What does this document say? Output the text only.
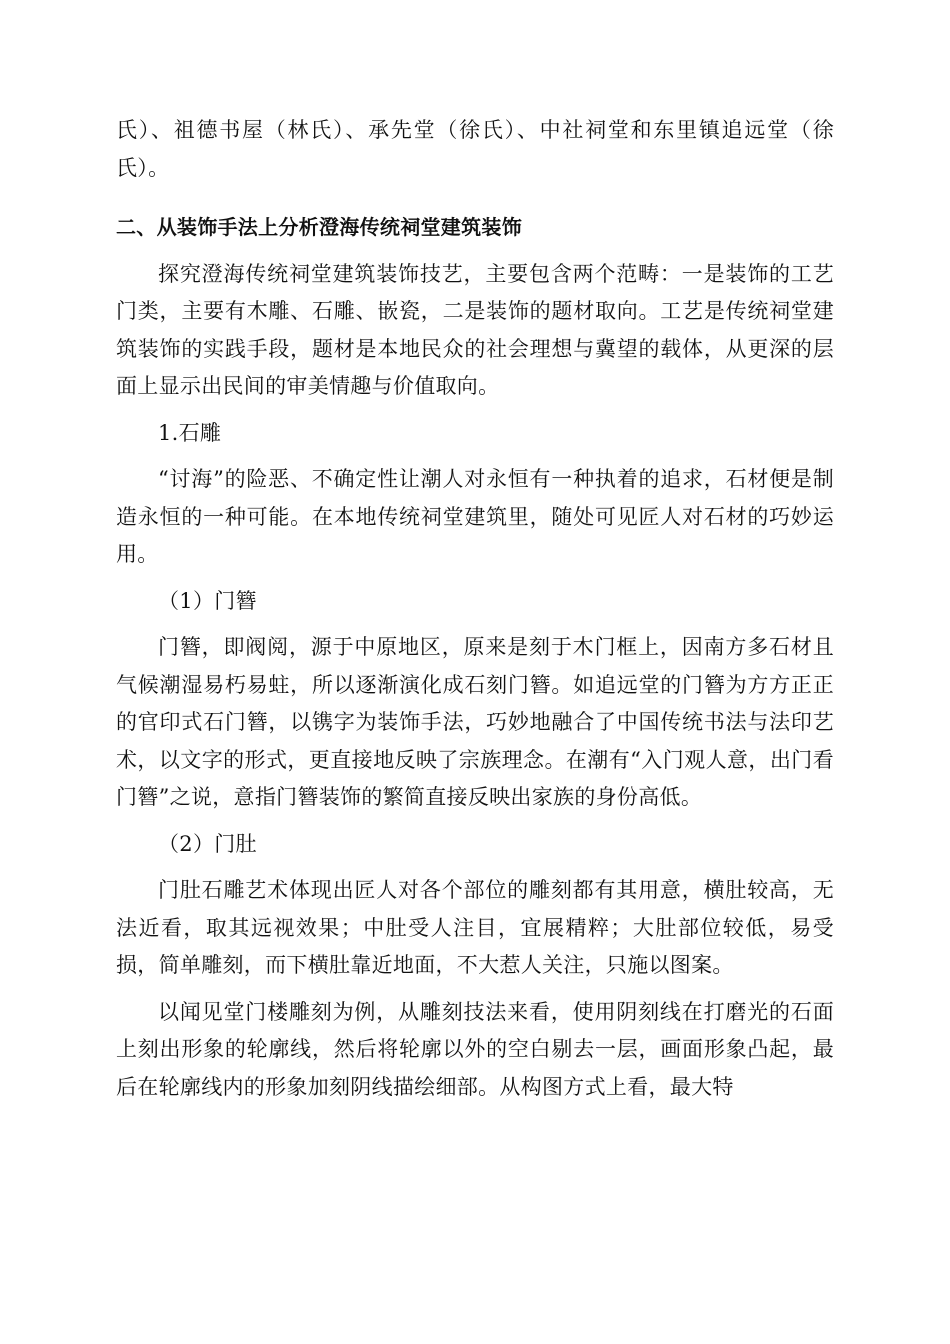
氏）、祖德书屋（林氏）、承先堂（徐氏）、中社祠堂和东里镇追远堂（徐氏）。

二、从装饰手法上分析澄海传统祠堂建筑装饰

探究澄海传统祠堂建筑装饰技艺，主要包含两个范畴：一是装饰的工艺门类，主要有木雕、石雕、嵌瓷，二是装饰的题材取向。工艺是传统祠堂建筑装饰的实践手段，题材是本地民众的社会理想与冀望的载体，从更深的层面上显示出民间的审美情趣与价值取向。

1.石雕

“讨海”的险恶、不确定性让潮人对永恒有一种执着的追求，石材便是制造永恒的一种可能。在本地传统祠堂建筑里，随处可见匠人对石材的巧妙运用。

（1）门簪

门簪，即阀阅，源于中原地区，原来是刻于木门框上，因南方多石材且气候潮湿易朽易蛀，所以逐渐演化成石刻门簪。如追远堂的门簪为方方正正的官印式石门簪，以镌字为装饰手法，巧妙地融合了中国传统书法与法印艺术，以文字的形式，更直接地反映了宗族理念。在潮有“入门观人意，出门看门簪”之说，意指门簪装饰的繁简直接反映出家族的身份高低。

（2）门肚

门肚石雕艺术体现出匠人对各个部位的雕刻都有其用意，横肚较高，无法近看，取其远视效果；中肚受人注目，宜展精粹；大肚部位较低，易受损，简单雕刻，而下横肚靠近地面，不大惹人关注，只施以图案。

以闻见堂门楼雕刻为例，从雕刻技法来看，使用阴刻线在打磨光的石面上刻出形象的轮廓线，然后将轮廓以外的空白剔去一层，画面形象凸起，最后在轮廓线内的形象加刻阴线描绘细部。从构图方式上看，最大特
